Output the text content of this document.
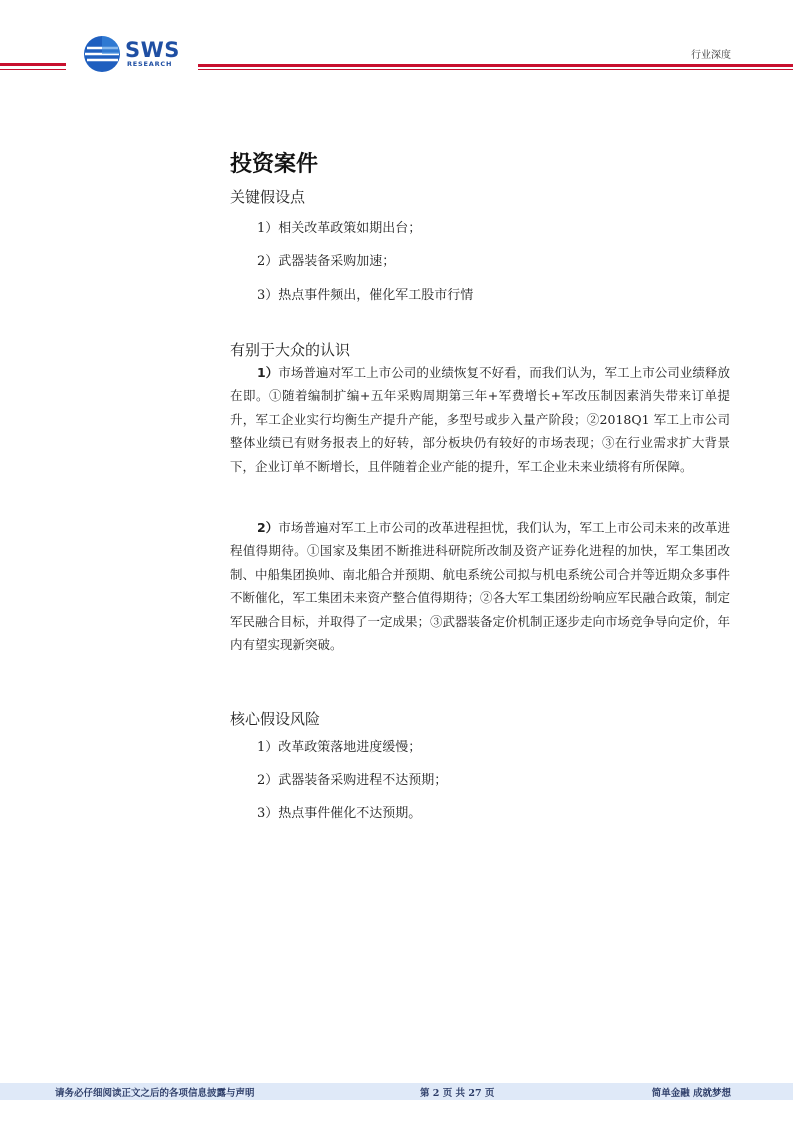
SWS
RESEARCH
行业深度
投资案件
关键假设点
1）相关改革政策如期出台；
2）武器装备采购加速；
3）热点事件频出，催化军工股市行情
有别于大众的认识

1）市场普遍对军工上市公司的业绩恢复不好看，而我们认为，军工上市公司业绩释放在即。①随着编制扩编+五年采购周期第三年+军费增长+军改压制因素消失带来订单提升，军工企业实行均衡生产提升产能，多型号或步入量产阶段；②2018Q1 军工上市公司整体业绩已有财务报表上的好转，部分板块仍有较好的市场表现；③在行业需求扩大背景下，企业订单不断增长，且伴随着企业产能的提升，军工企业未来业绩将有所保障。

2）市场普遍对军工上市公司的改革进程担忧，我们认为，军工上市公司未来的改革进程值得期待。①国家及集团不断推进科研院所改制及资产证券化进程的加快，军工集团改制、中船集团换帅、南北船合并预期、航电系统公司拟与机电系统公司合并等近期众多事件不断催化，军工集团未来资产整合值得期待；②各大军工集团纷纷响应军民融合政策，制定军民融合目标，并取得了一定成果；③武器装备定价机制正逐步走向市场竞争导向定价，年内有望实现新突破。

核心假设风险
1）改革政策落地进度缓慢；
2）武器装备采购进程不达预期；
3）热点事件催化不达预期。
请务必仔细阅读正文之后的各项信息披露与声明	第 2 页 共 27 页	简单金融 成就梦想
